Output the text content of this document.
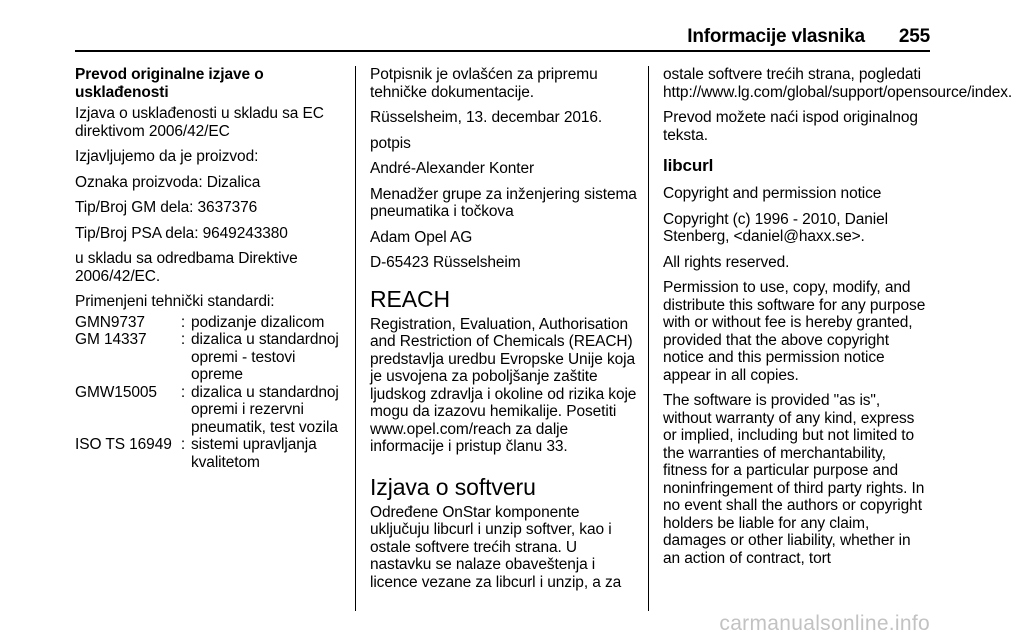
Informacije vlasnika 255

Prevod originalne izjave o usklađenosti

Izjava o usklađenosti u skladu sa EC direktivom 2006/42/EC

Izjavljujemo da je proizvod:

Oznaka proizvoda: Dizalica

Tip/Broj GM dela: 3637376

Tip/Broj PSA dela: 9649243380

u skladu sa odredbama Direktive 2006/42/EC.

Primenjeni tehnički standardi:

GMN9737	:	podizanje dizalicom
GM 14337	:	dizalica u standardnoj opremi - testovi opreme
GMW15005	:	dizalica u standardnoj opremi i rezervni pneumatik, test vozila
ISO TS 16949	:	sistemi upravljanja kvalitetom

Potpisnik je ovlašćen za pripremu tehničke dokumentacije.

Rüsselsheim, 13. decembar 2016.

potpis

André-Alexander Konter

Menadžer grupe za inženjering sistema pneumatika i točkova

Adam Opel AG

D-65423 Rüsselsheim

REACH

Registration, Evaluation, Authorisation and Restriction of Chemicals (REACH) predstavlja uredbu Evropske Unije koja je usvojena za poboljšanje zaštite ljudskog zdravlja i okoline od rizika koje mogu da izazovu hemikalije. Posetiti www.opel.com/reach za dalje informacije i pristup članu 33.

Izjava o softveru

Određene OnStar komponente uključuju libcurl i unzip softver, kao i ostale softvere trećih strana. U nastavku se nalaze obaveštenja i licence vezane za libcurl i unzip, a za

ostale softvere trećih strana, pogledati http://www.lg.com/global/support/opensource/index.

Prevod možete naći ispod originalnog teksta.

libcurl

Copyright and permission notice

Copyright (c) 1996 - 2010, Daniel Stenberg, <daniel@haxx.se>.

All rights reserved.

Permission to use, copy, modify, and distribute this software for any purpose with or without fee is hereby granted, provided that the above copyright notice and this permission notice appear in all copies.

The software is provided "as is", without warranty of any kind, express or implied, including but not limited to the warranties of merchantability, fitness for a particular purpose and noninfringement of third party rights. In no event shall the authors or copyright holders be liable for any claim, damages or other liability, whether in an action of contract, tort

carmanualsonline.info
